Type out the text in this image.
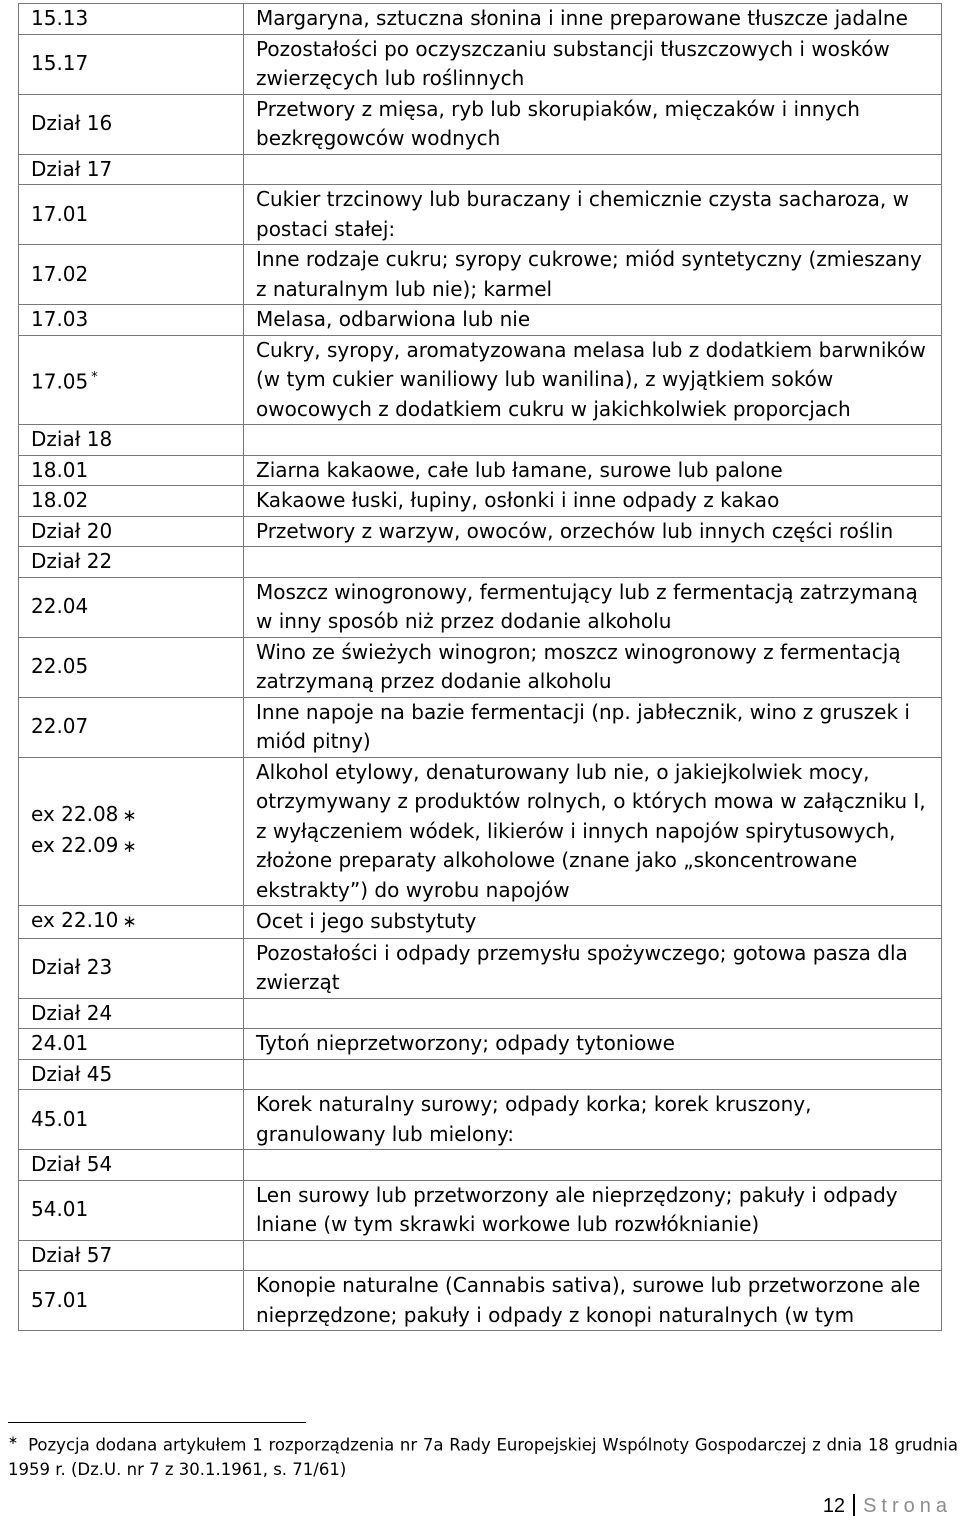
15.13	Margaryna, sztuczna słonina i inne preparowane tłuszcze jadalne

15.17	Pozostałości po oczyszczaniu substancji tłuszczowych i wosków zwierzęcych lub roślinnych

Dział 16	Przetwory z mięsa, ryb lub skorupiaków, mięczaków i innych bezkręgowców wodnych

Dział 17	

17.01	Cukier trzcinowy lub buraczany i chemicznie czysta sacharoza, w postaci stałej:

17.02	Inne rodzaje cukru; syropy cukrowe; miód syntetyczny (zmieszany z naturalnym lub nie); karmel

17.03	Melasa, odbarwiona lub nie

17.05 *	Cukry, syropy, aromatyzowana melasa lub z dodatkiem barwników (w tym cukier waniliowy lub wanilina), z wyjątkiem soków owocowych z dodatkiem cukru w jakichkolwiek proporcjach

Dział 18	

18.01	Ziarna kakaowe, całe lub łamane, surowe lub palone

18.02	Kakaowe łuski, łupiny, osłonki i inne odpady z kakao

Dział 20	Przetwory z warzyw, owoców, orzechów lub innych części roślin

Dział 22	

22.04	Moszcz winogronowy, fermentujący lub z fermentacją zatrzymaną w inny sposób niż przez dodanie alkoholu

22.05	Wino ze świeżych winogron; moszcz winogronowy z fermentacją zatrzymaną przez dodanie alkoholu

22.07	Inne napoje na bazie fermentacji (np. jabłecznik, wino z gruszek i miód pitny)

ex 22.08 ∗
ex 22.09 ∗	Alkohol etylowy, denaturowany lub nie, o jakiejkolwiek mocy, otrzymywany z produktów rolnych, o których mowa w załączniku I, z wyłączeniem wódek, likierów i innych napojów spirytusowych, złożone preparaty alkoholowe (znane jako „skoncentrowane ekstrakty”) do wyrobu napojów

ex 22.10 ∗	Ocet i jego substytuty

Dział 23	Pozostałości i odpady przemysłu spożywczego; gotowa pasza dla zwierząt

Dział 24	

24.01	Tytoń nieprzetworzony; odpady tytoniowe

Dział 45	

45.01	Korek naturalny surowy; odpady korka; korek kruszony, granulowany lub mielony:

Dział 54	

54.01	Len surowy lub przetworzony ale nieprzędzony; pakuły i odpady lniane (w tym skrawki workowe lub rozwłóknianie)

Dział 57	

57.01	Konopie naturalne (Cannabis sativa), surowe lub przetworzone ale nieprzędzone; pakuły i odpady z konopi naturalnych (w tym
∗ Pozycja dodana artykułem 1 rozporządzenia nr 7a Rady Europejskiej Wspólnoty Gospodarczej z dnia 18 grudnia 1959 r. (Dz.U. nr 7 z 30.1.1961, s. 71/61)
12 Strona
